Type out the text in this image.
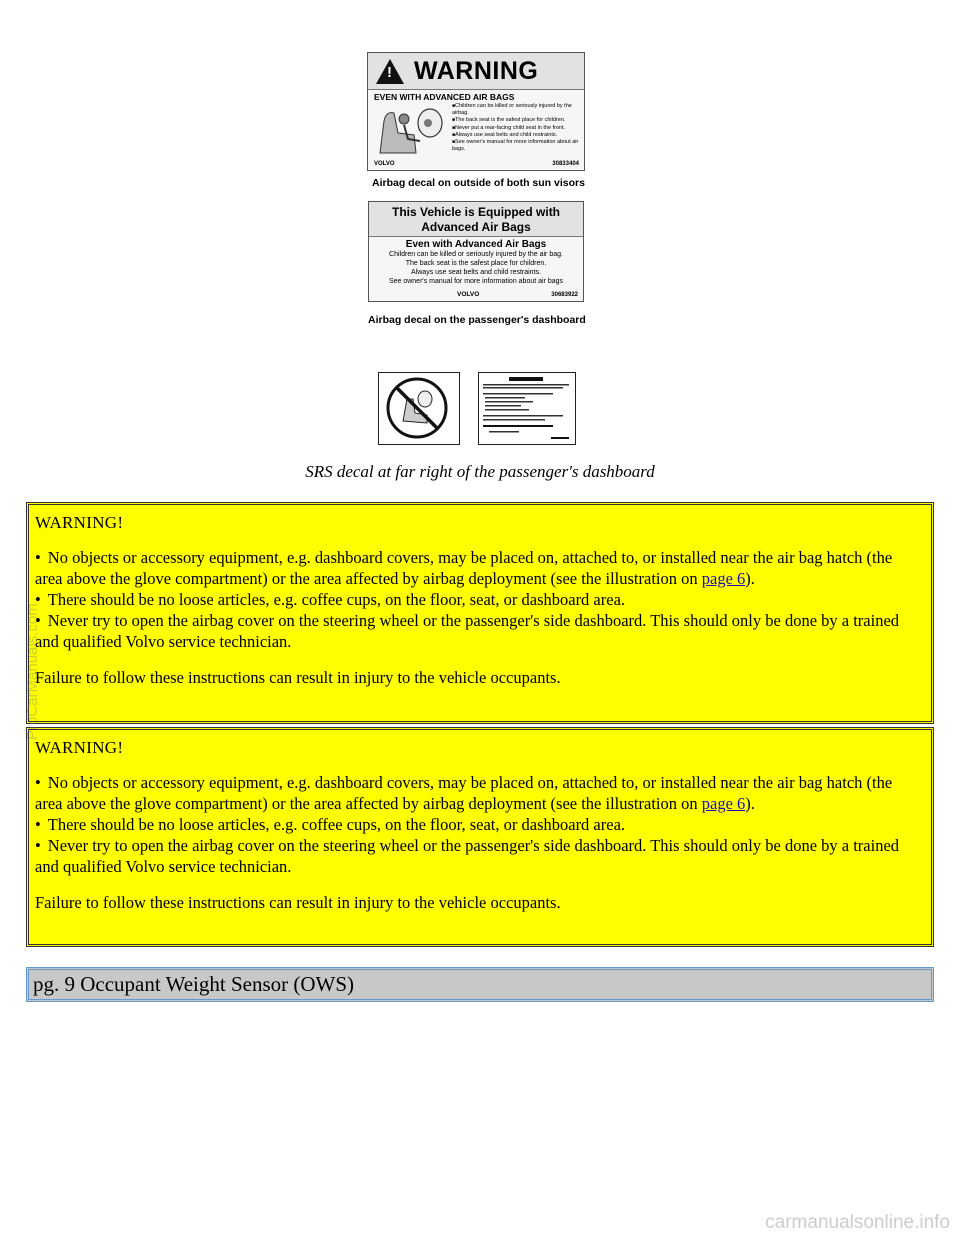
! WARNING
EVEN WITH ADVANCED AIR BAGS
■ Children can be killed or seriously injured by the airbag.
■ The back seat is the safest place for children.
■ Never put a rear-facing child seat in the front.
■ Always use seat belts and child restraints.
■ See owner's manual for more information about air bags.
VOLVO	30833404
Airbag decal on outside of both sun visors
This Vehicle is Equipped with
Advanced Air Bags
Even with Advanced Air Bags
Children can be killed or seriously injured by the air bag.
The back seat is the safest place for children.
Always use seat belts and child restraints.
See owner's manual for more information about air bags
VOLVO	30683922
Airbag decal on the passenger's dashboard
SRS decal at far right of the passenger's dashboard
WARNING!
• No objects or accessory equipment, e.g. dashboard covers, may be placed on, attached to, or installed near the air bag hatch (the area above the glove compartment) or the area affected by airbag deployment (see the illustration on page 6).
• There should be no loose articles, e.g. coffee cups, on the floor, seat, or dashboard area.
• Never try to open the airbag cover on the steering wheel or the passenger's side dashboard. This should only be done by a trained and qualified Volvo service technician.

Failure to follow these instructions can result in injury to the vehicle occupants.

WARNING!
• No objects or accessory equipment, e.g. dashboard covers, may be placed on, attached to, or installed near the air bag hatch (the area above the glove compartment) or the area affected by airbag deployment (see the illustration on page 6).
• There should be no loose articles, e.g. coffee cups, on the floor, seat, or dashboard area.
• Never try to open the airbag cover on the steering wheel or the passenger's side dashboard. This should only be done by a trained and qualified Volvo service technician.

Failure to follow these instructions can result in injury to the vehicle occupants.

pg. 9 Occupant Weight Sensor (OWS)
ProCarManuals.com
carmanualsonline.info
